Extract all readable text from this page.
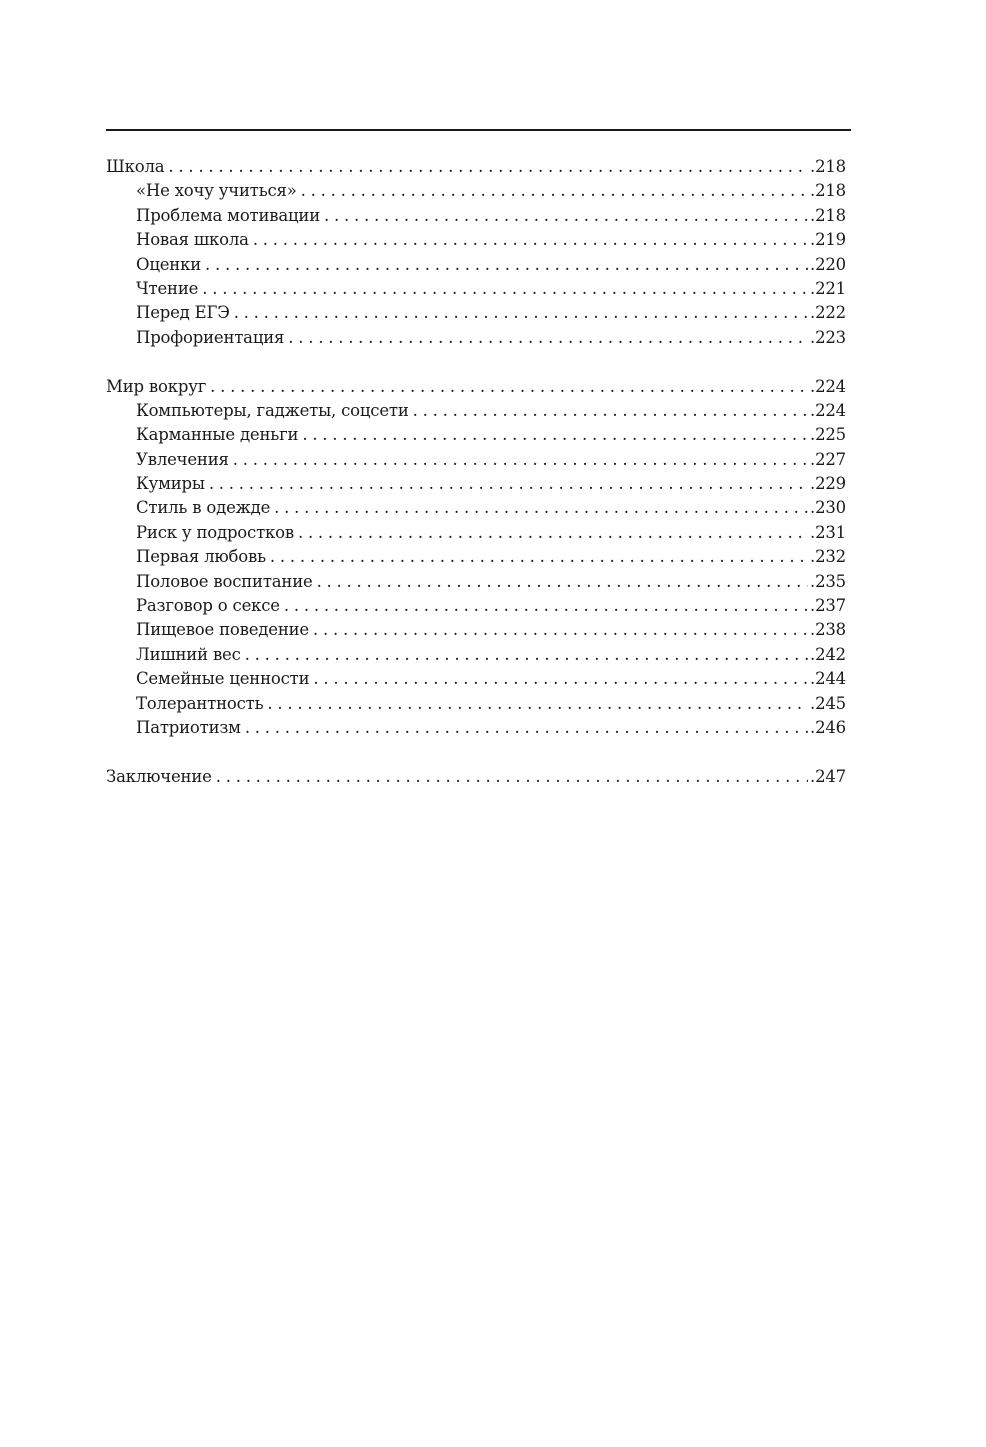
Школа . . .	.218
«Не хочу учиться» . . .	.218
Проблема мотивации . . .	.218
Новая школа . . .	.219
Оценки . . .	.220
Чтение . . .	.221
Перед ЕГЭ . . .	.222
Профориентация . . .	.223
Мир вокруг . . .	.224
Компьютеры, гаджеты, соцсети . . .	.224
Карманные деньги . . .	.225
Увлечения . . .	.227
Кумиры . . .	.229
Стиль в одежде . . .	.230
Риск у подростков . . .	.231
Первая любовь . . .	.232
Половое воспитание . . .	.235
Разговор о сексе . . .	.237
Пищевое поведение . . .	.238
Лишний вес . . .	.242
Семейные ценности . . .	.244
Толерантность . . .	.245
Патриотизм . . .	.246
Заключение . . .	.247
